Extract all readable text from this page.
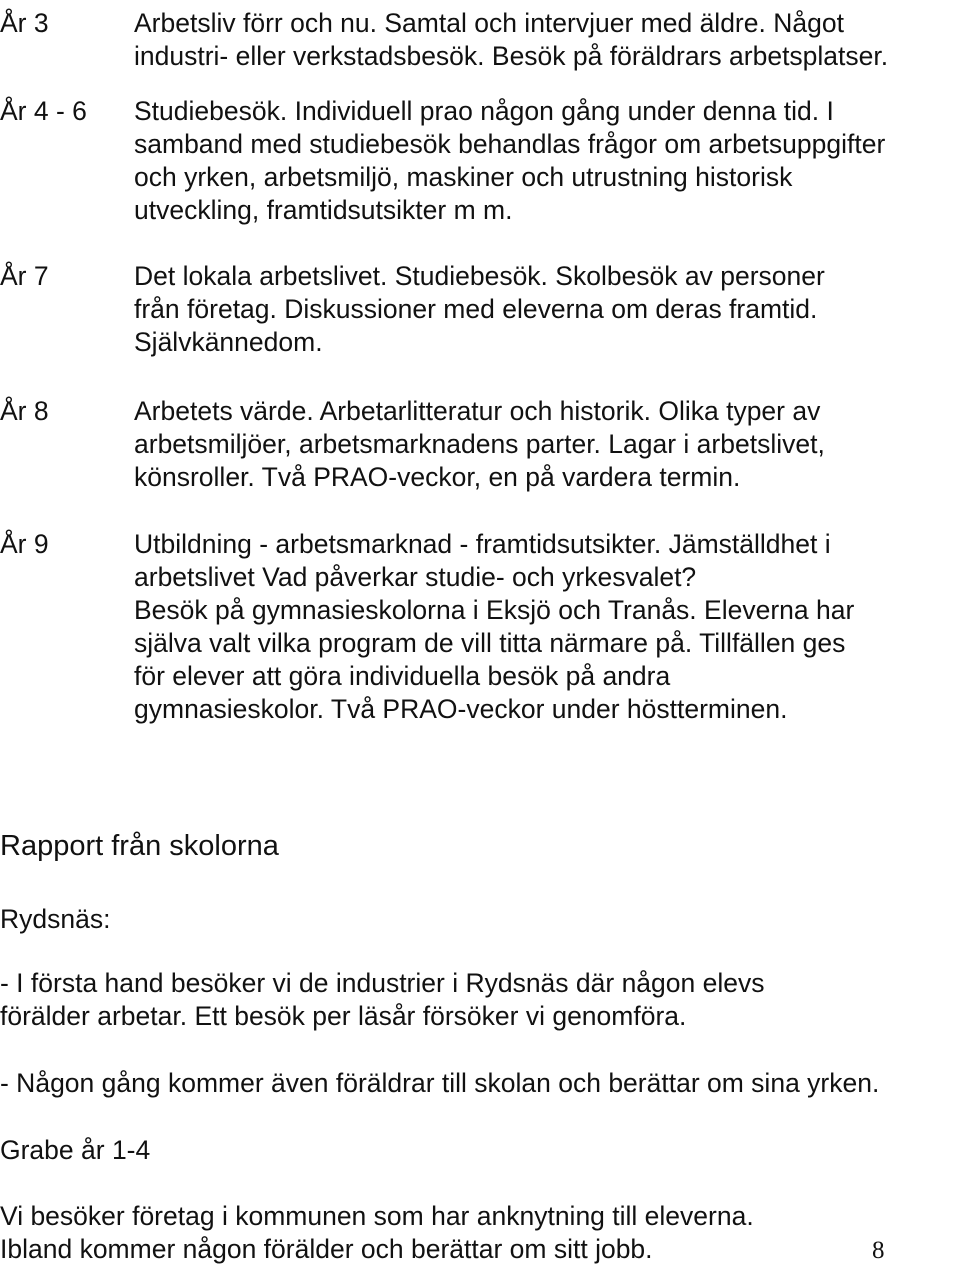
År 3	Arbetsliv förr och nu. Samtal och intervjuer med äldre. Något
industri- eller verkstadsbesök. Besök på föräldrars arbetsplatser.
År 4 - 6 Studiebesök. Individuell prao någon gång under denna tid. I
samband med studiebesök behandlas frågor om arbetsuppgifter
och yrken, arbetsmiljö, maskiner och utrustning historisk
utveckling, framtidsutsikter m m.
År 7	Det lokala arbetslivet. Studiebesök. Skolbesök av personer
från företag. Diskussioner med eleverna om deras framtid.
Självkännedom.
År 8	Arbetets värde. Arbetarlitteratur och historik. Olika typer av
arbetsmiljöer, arbetsmarknadens parter. Lagar i arbetslivet,
könsroller. Två PRAO-veckor, en på vardera termin.
År 9	Utbildning - arbetsmarknad - framtidsutsikter. Jämställdhet i
arbetslivet Vad påverkar studie- och yrkesvalet?
Besök på gymnasieskolorna i Eksjö och Tranås. Eleverna har
själva valt vilka program de vill titta närmare på. Tillfällen ges
för elever att göra individuella besök på andra
gymnasieskolor. Två PRAO-veckor under höstterminen.
Rapport från skolorna
Rydsnäs:
- I första hand besöker vi de industrier i Rydsnäs där någon elevs
förälder arbetar. Ett besök per läsår försöker vi genomföra.
- Någon gång kommer även föräldrar till skolan och berättar om sina yrken.
Grabe år 1-4
Vi besöker företag i kommunen som har anknytning till eleverna.
Ibland kommer någon förälder och berättar om sitt jobb.	8
